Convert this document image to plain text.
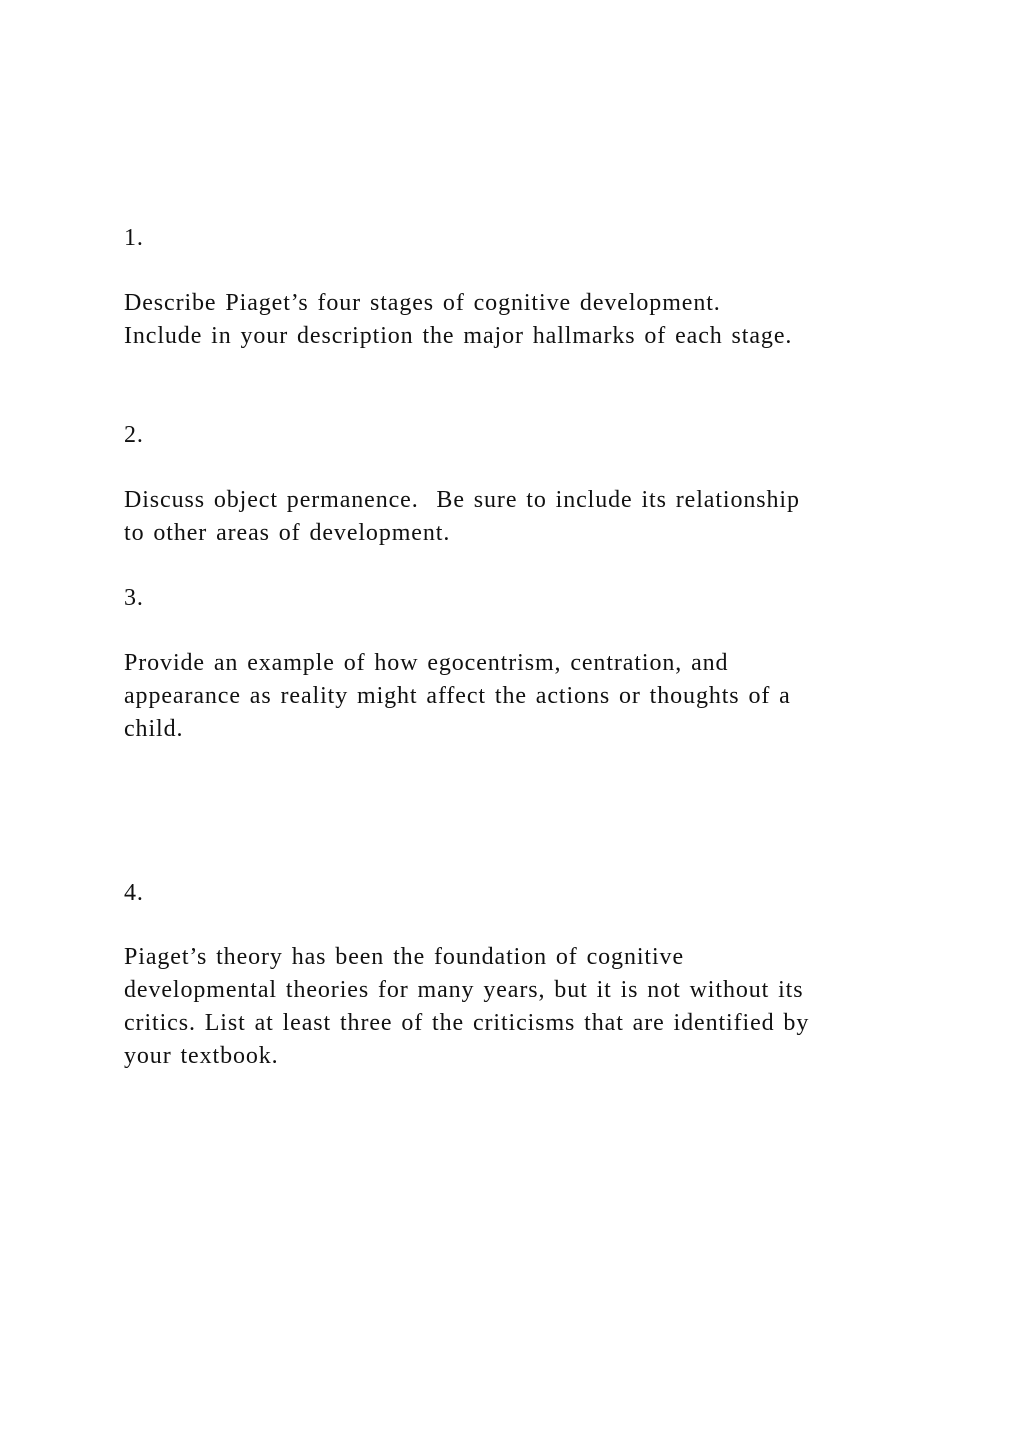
1.
Describe Piaget’s four stages of cognitive development.
Include in your description the major hallmarks of each stage.
2.
Discuss object permanence.  Be sure to include its relationship
to other areas of development.
3.
Provide an example of how egocentrism, centration, and
appearance as reality might affect the actions or thoughts of a
child.
4.
Piaget’s theory has been the foundation of cognitive
developmental theories for many years, but it is not without its
critics. List at least three of the criticisms that are identified by
your textbook.
